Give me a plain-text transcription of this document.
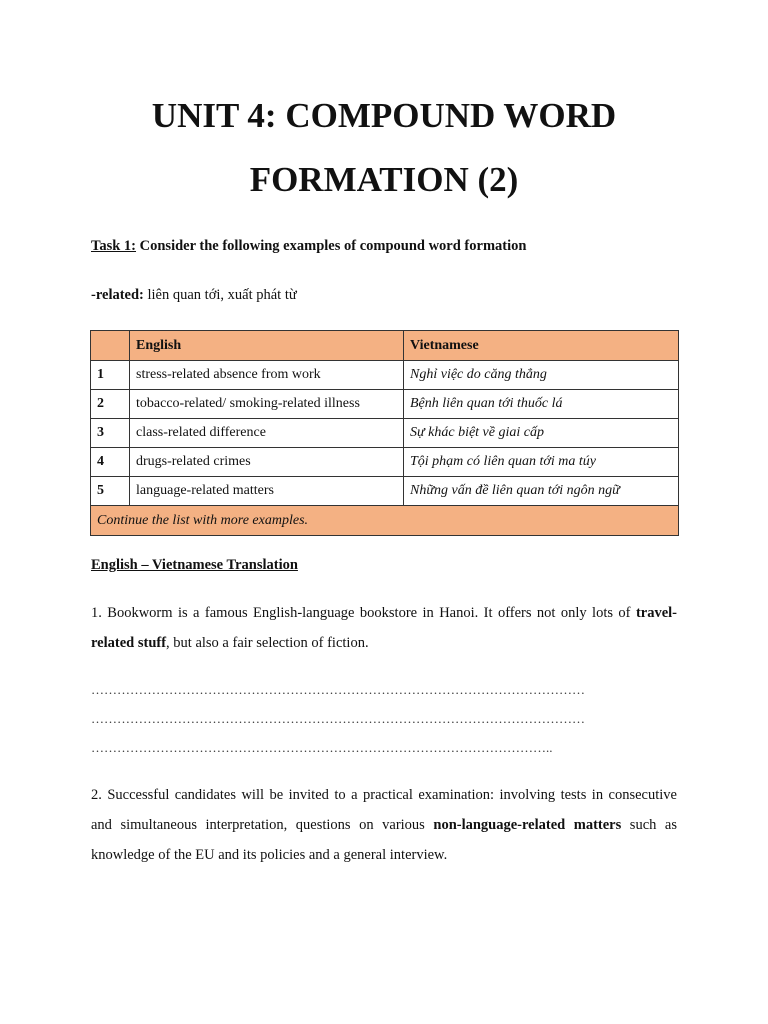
UNIT 4: COMPOUND WORD
FORMATION (2)

Task 1: Consider the following examples of compound word formation

-related: liên quan tới, xuất phát từ

	English	Vietnamese
1	stress-related absence from work	Nghỉ việc do căng thẳng
2	tobacco-related/ smoking-related illness	Bệnh liên quan tới thuốc lá
3	class-related difference	Sự khác biệt về giai cấp
4	drugs-related crimes	Tội phạm có liên quan tới ma túy
5	language-related matters	Những vấn đề liên quan tới ngôn ngữ
Continue the list with more examples.		

English – Vietnamese Translation

1. Bookworm is a famous English-language bookstore in Hanoi. It offers not only lots of travel-related stuff, but also a fair selection of fiction.

……………………………………………………………………………………………………

……………………………………………………………………………………………………

……………………………………………………………………………………………..

2. Successful candidates will be invited to a practical examination: involving tests in consecutive and simultaneous interpretation, questions on various non-language-related matters such as knowledge of the EU and its policies and a general interview.
